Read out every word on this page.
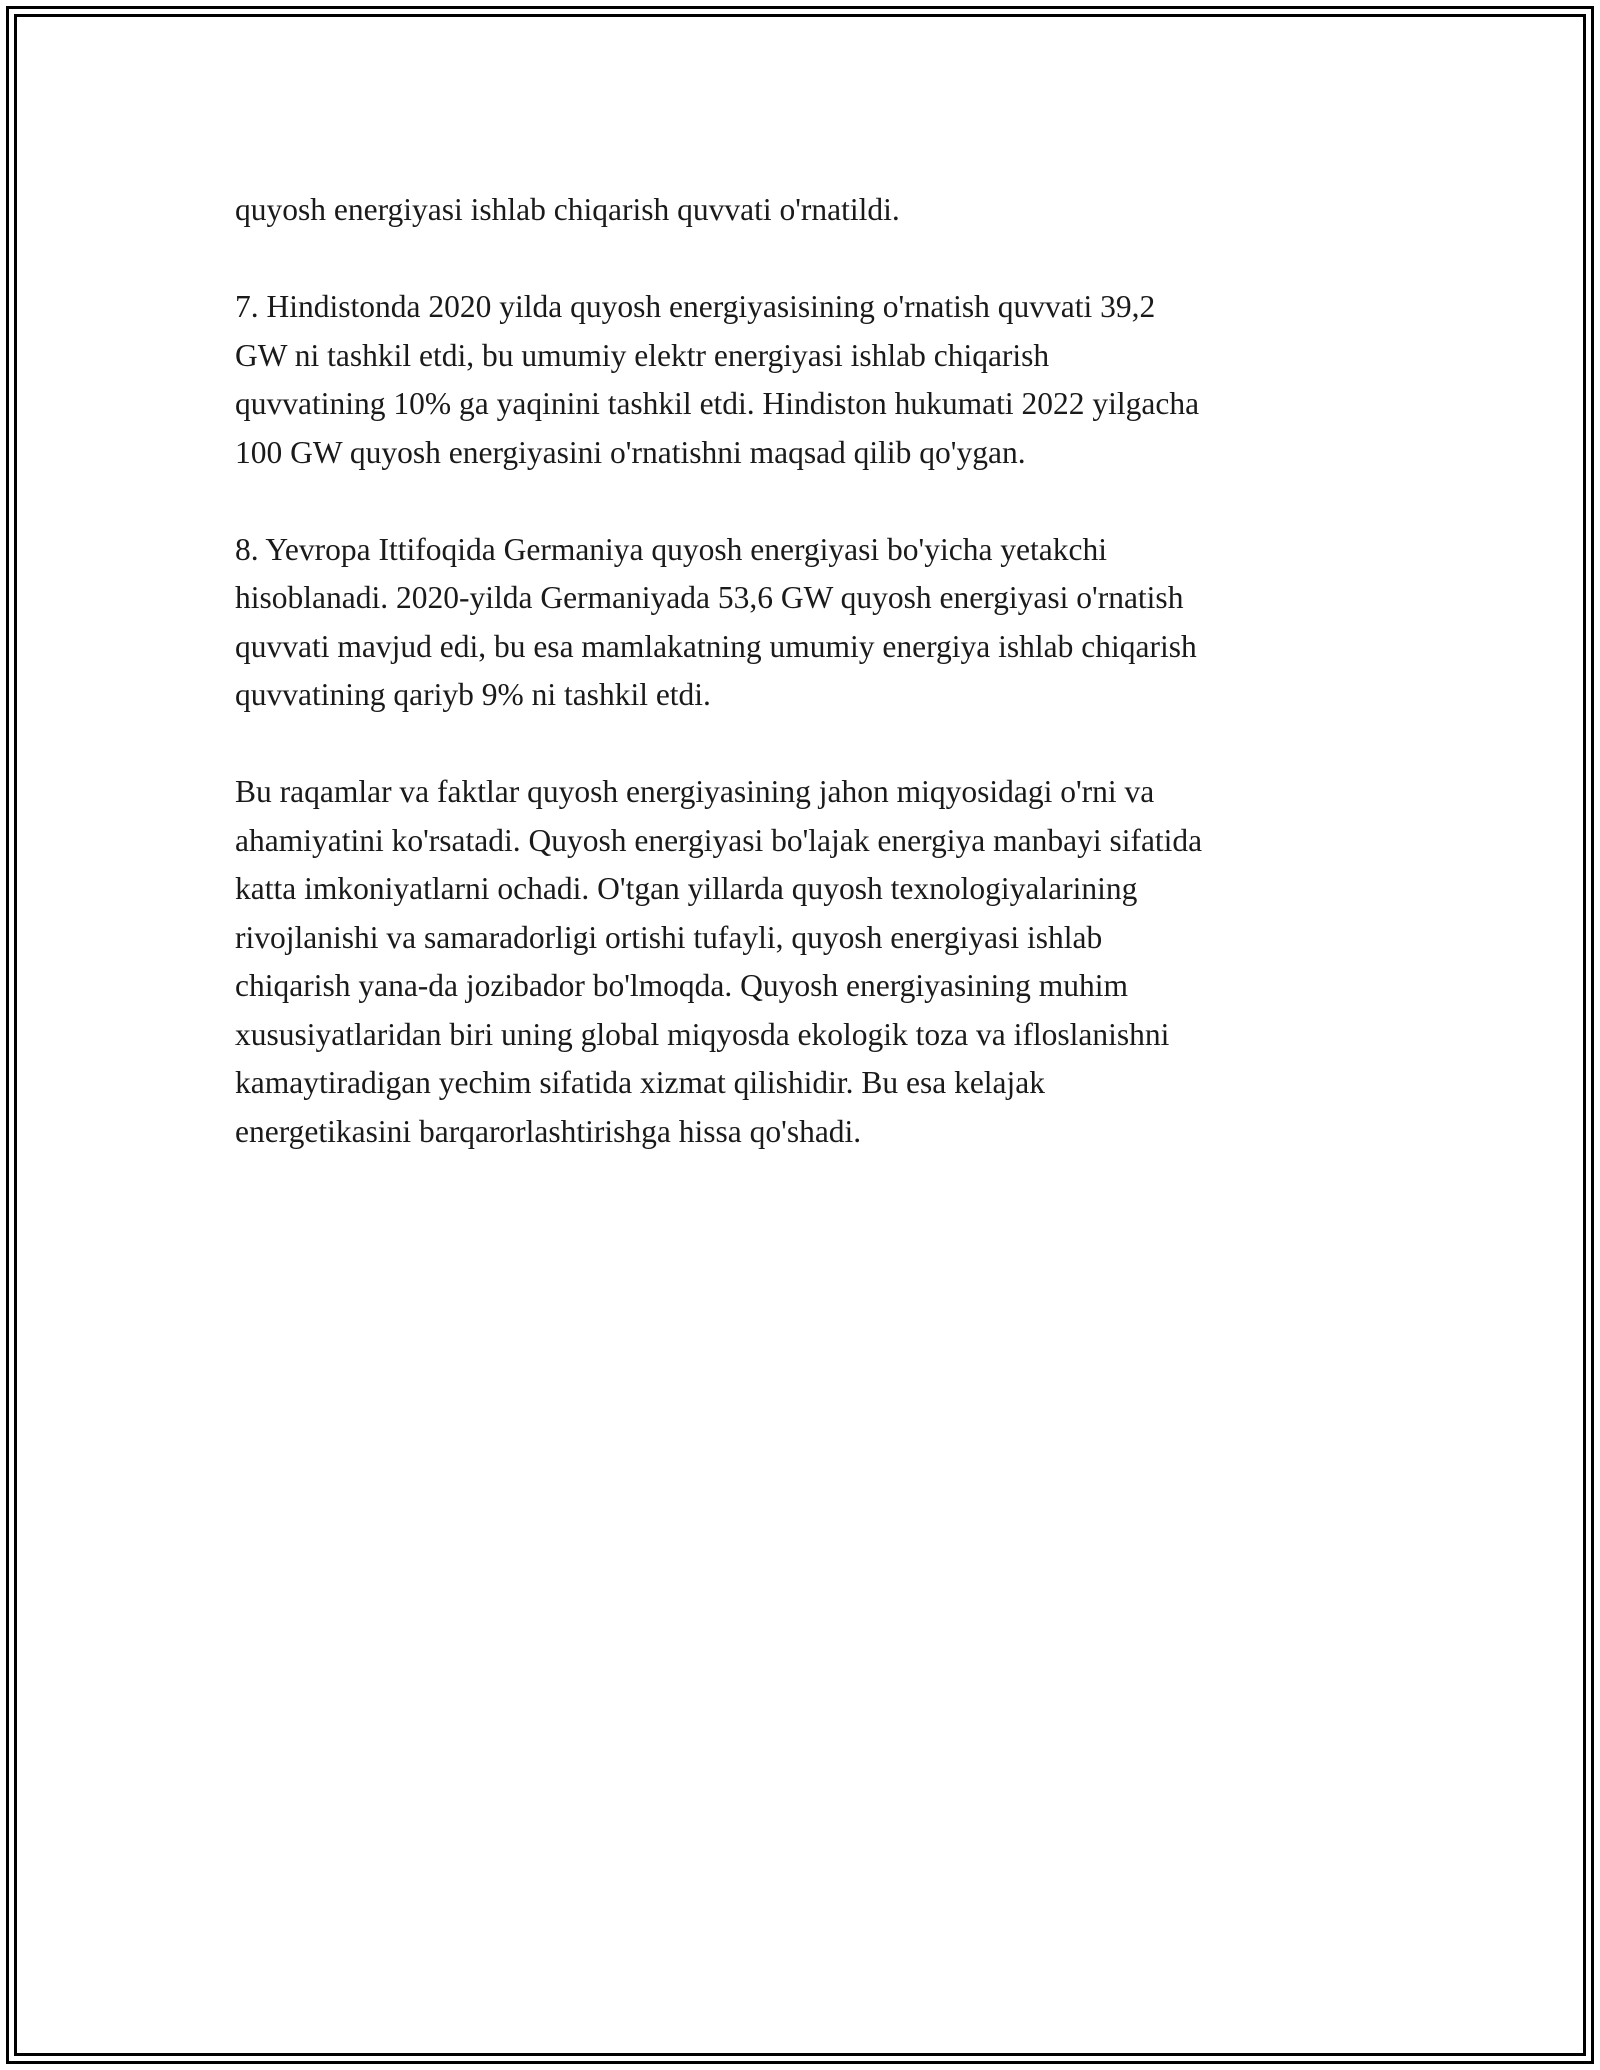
quyosh energiyasi ishlab chiqarish quvvati o'rnatildi.

7. Hindistonda 2020 yilda quyosh energiyasisining o'rnatish quvvati 39,2
GW ni tashkil etdi, bu umumiy elektr energiyasi ishlab chiqarish
quvvatining 10% ga yaqinini tashkil etdi. Hindiston hukumati 2022 yilgacha
100 GW quyosh energiyasini o'rnatishni maqsad qilib qo'ygan.

8. Yevropa Ittifoqida Germaniya quyosh energiyasi bo'yicha yetakchi
hisoblanadi. 2020-yilda Germaniyada 53,6 GW quyosh energiyasi o'rnatish
quvvati mavjud edi, bu esa mamlakatning umumiy energiya ishlab chiqarish
quvvatining qariyb 9% ni tashkil etdi.

Bu raqamlar va faktlar quyosh energiyasining jahon miqyosidagi o'rni va
ahamiyatini ko'rsatadi. Quyosh energiyasi bo'lajak energiya manbayi sifatida
katta imkoniyatlarni ochadi. O'tgan yillarda quyosh texnologiyalarining
rivojlanishi va samaradorligi ortishi tufayli, quyosh energiyasi ishlab
chiqarish yana-da jozibador bo'lmoqda. Quyosh energiyasining muhim
xususiyatlaridan biri uning global miqyosda ekologik toza va ifloslanishni
kamaytiradigan yechim sifatida xizmat qilishidir. Bu esa kelajak
energetikasini barqarorlashtirishga hissa qo'shadi.
